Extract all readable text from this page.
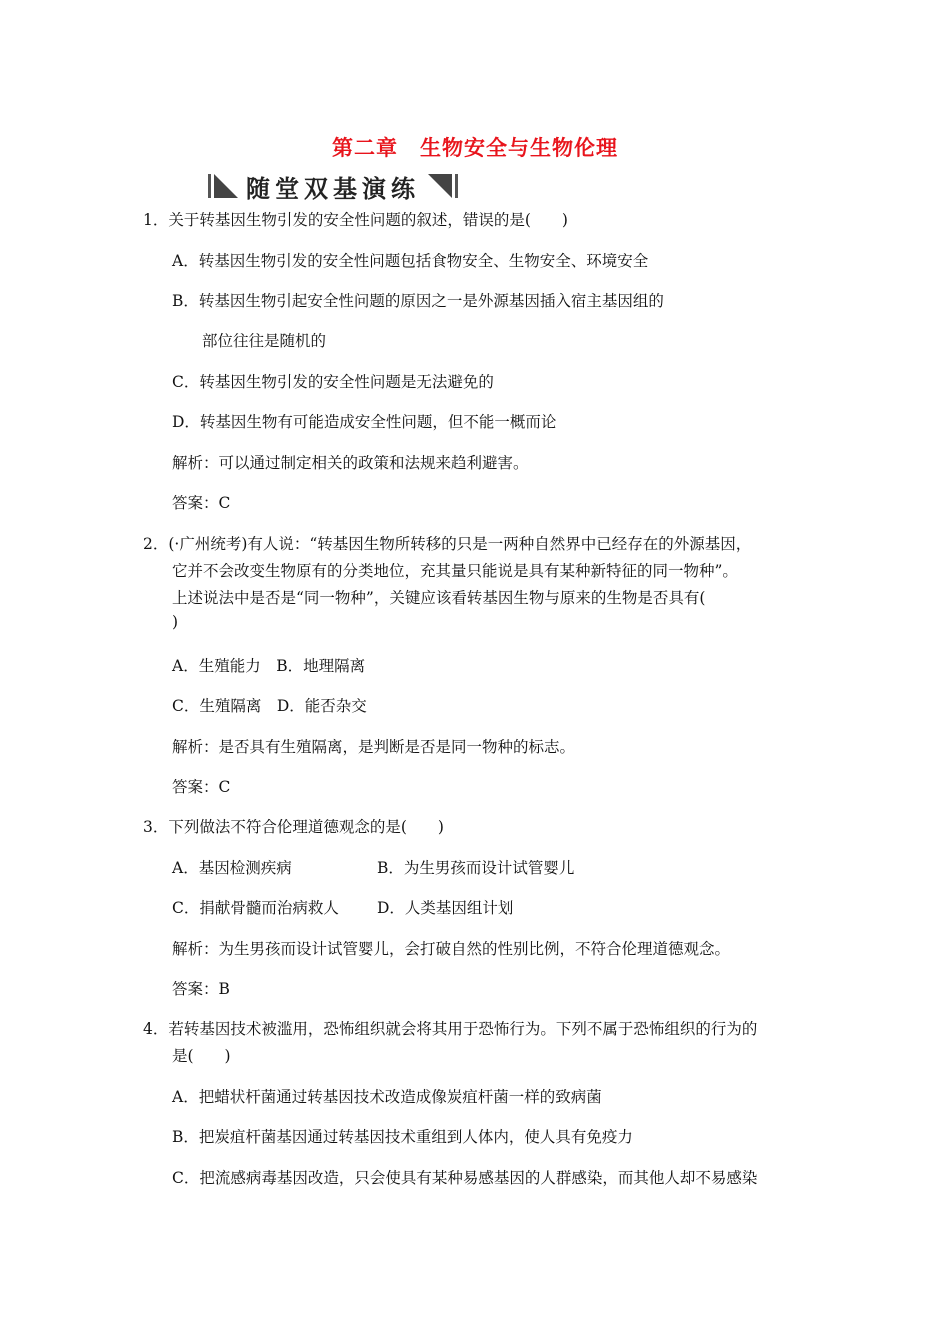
第二章　生物安全与生物伦理
随堂双基演练
1．关于转基因生物引发的安全性问题的叙述，错误的是(　　)
A．转基因生物引发的安全性问题包括食物安全、生物安全、环境安全
B．转基因生物引起安全性问题的原因之一是外源基因插入宿主基因组的
部位往往是随机的
C．转基因生物引发的安全性问题是无法避免的
D．转基因生物有可能造成安全性问题，但不能一概而论
解析：可以通过制定相关的政策和法规来趋利避害。
答案：C
2．(·广州统考)有人说：“转基因生物所转移的只是一两种自然界中已经存在的外源基因，
它并不会改变生物原有的分类地位，充其量只能说是具有某种新特征的同一物种”。
上述说法中是否是“同一物种”，关键应该看转基因生物与原来的生物是否具有(
)
A．生殖能力　B．地理隔离
C．生殖隔离　D．能否杂交
解析：是否具有生殖隔离，是判断是否是同一物种的标志。
答案：C
3．下列做法不符合伦理道德观念的是(　　)
A．基因检测疾病	B．为生男孩而设计试管婴儿
C．捐献骨髓而治病救人 D．人类基因组计划
解析：为生男孩而设计试管婴儿，会打破自然的性别比例，不符合伦理道德观念。
答案：B
4．若转基因技术被滥用，恐怖组织就会将其用于恐怖行为。下列不属于恐怖组织的行为的
是(　　)
A．把蜡状杆菌通过转基因技术改造成像炭疽杆菌一样的致病菌
B．把炭疽杆菌基因通过转基因技术重组到人体内，使人具有免疫力
C．把流感病毒基因改造，只会使具有某种易感基因的人群感染，而其他人却不易感染
